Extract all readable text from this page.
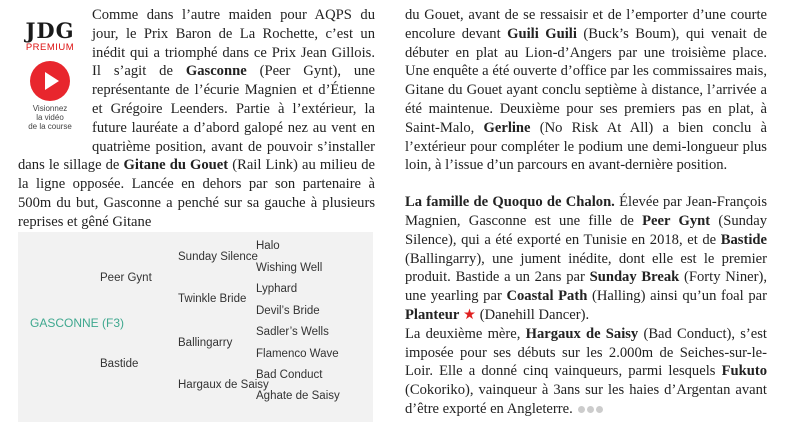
JDG
PREMIUM
Visionnez
la vidéo
de la course

Comme dans l’autre maiden pour AQPS du jour, le Prix Baron de La Rochette, c’est un inédit qui a triomphé dans ce Prix Jean Gillois. Il s’agit de Gasconne (Peer Gynt), une représentante de l’écurie Magnien et d’Étienne et Grégoire Leenders. Partie à l’extérieur, la future lauréate a d’abord galopé nez au vent en quatrième position, avant de pouvoir s’installer dans le sillage de Gitane du Gouet (Rail Link) au milieu de la ligne opposée. Lancée en dehors par son partenaire à 500m du but, Gasconne a penché sur sa gauche à plusieurs reprises et gêné Gitane

GASCONNE (F3)
Peer Gynt
Bastide
Sunday Silence
Twinkle Bride
Ballingarry
Hargaux de Saisy
Halo
Wishing Well
Lyphard
Devil’s Bride
Sadler’s Wells
Flamenco Wave
Bad Conduct
Aghate de Saisy

du Gouet, avant de se ressaisir et de l’emporter d’une courte encolure devant Guili Guili (Buck’s Boum), qui venait de débuter en plat au Lion-d’Angers par une troisième place. Une enquête a été ouverte d’office par les commissaires mais, Gitane du Gouet ayant conclu septième à distance, l’arrivée a été maintenue. Deuxième pour ses premiers pas en plat, à Saint-Malo, Gerline (No Risk At All) a bien conclu à l’extérieur pour compléter le podium une demi-longueur plus loin, à l’issue d’un parcours en avant-dernière position.

La famille de Quoquo de Chalon. Élevée par Jean-François Magnien, Gasconne est une fille de Peer Gynt (Sunday Silence), qui a été exporté en Tunisie en 2018, et de Bastide (Ballingarry), une jument inédite, dont elle est le premier produit. Bastide a un 2ans par Sunday Break (Forty Niner), une yearling par Coastal Path (Halling) ainsi qu’un foal par Planteur ★ (Danehill Dancer).

La deuxième mère, Hargaux de Saisy (Bad Conduct), s’est imposée pour ses débuts sur les 2.000m de Seiches-sur-le-Loir. Elle a donné cinq vainqueurs, parmi lesquels Fukuto (Cokoriko), vainqueur à 3ans sur les haies d’Argentan avant d’être exporté en Angleterre.
